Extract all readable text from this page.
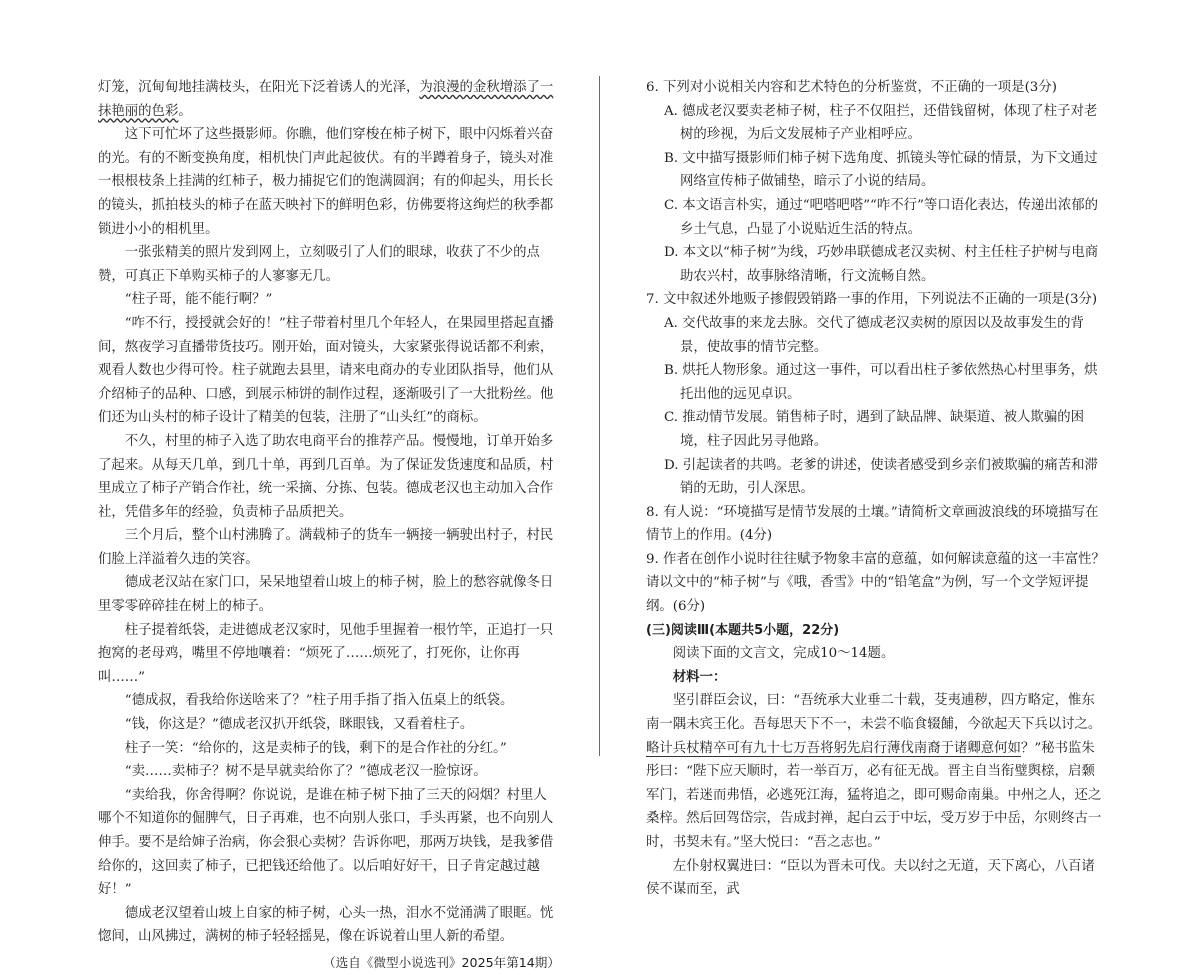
灯笼，沉甸甸地挂满枝头，在阳光下泛着诱人的光泽，为浪漫的金秋增添了一抹艳丽的色彩。

这下可忙坏了这些摄影师。你瞧，他们穿梭在柿子树下，眼中闪烁着兴奋的光。有的不断变换角度，相机快门声此起彼伏。有的半蹲着身子，镜头对准一根根枝条上挂满的红柿子，极力捕捉它们的饱满圆润；有的仰起头，用长长的镜头，抓拍枝头的柿子在蓝天映衬下的鲜明色彩，仿佛要将这绚烂的秋季都锁进小小的相机里。

一张张精美的照片发到网上，立刻吸引了人们的眼球，收获了不少的点赞，可真正下单购买柿子的人寥寥无几。

“柱子哥，能不能行啊？”

“咋不行，授授就会好的！”柱子带着村里几个年轻人，在果园里搭起直播间，熬夜学习直播带货技巧。刚开始，面对镜头，大家紧张得说话都不利索，观看人数也少得可怜。柱子就跑去县里，请来电商办的专业团队指导，他们从介绍柿子的品种、口感，到展示柿饼的制作过程，逐渐吸引了一大批粉丝。他们还为山头村的柿子设计了精美的包装，注册了“山头红”的商标。

不久，村里的柿子入选了助农电商平台的推荐产品。慢慢地，订单开始多了起来。从每天几单，到几十单，再到几百单。为了保证发货速度和品质，村里成立了柿子产销合作社，统一采摘、分拣、包装。德成老汉也主动加入合作社，凭借多年的经验，负责柿子品质把关。

三个月后，整个山村沸腾了。满载柿子的货车一辆接一辆驶出村子，村民们脸上洋溢着久违的笑容。

德成老汉站在家门口，呆呆地望着山坡上的柿子树，脸上的愁容就像冬日里零零碎碎挂在树上的柿子。

柱子提着纸袋，走进德成老汉家时，见他手里握着一根竹竿，正追打一只抱窝的老母鸡，嘴里不停地嚷着：“烦死了……烦死了，打死你，让你再叫……”

“德成叔，看我给你送啥来了？”柱子用手指了指入伍桌上的纸袋。

“钱，你这是？”德成老汉扒开纸袋，眯眼钱，又看着柱子。

柱子一笑：“给你的，这是卖柿子的钱，剩下的是合作社的分红。”

“卖……卖柿子？树不是早就卖给你了？”德成老汉一脸惊讶。

“卖给我，你舍得啊？你说说，是谁在柿子树下抽了三天的闷烟？村里人哪个不知道你的倔脾气，日子再难，也不向别人张口，手头再紧，也不向别人伸手。要不是给婶子治病，你会狠心卖树？告诉你吧，那两万块钱，是我爹借给你的，这回卖了柿子，已把钱还给他了。以后咱好好干，日子肯定越过越好！”

德成老汉望着山坡上自家的柿子树，心头一热，泪水不觉涌满了眼眶。恍惚间，山风拂过，满树的柿子轻轻摇晃，像在诉说着山里人新的希望。

（选自《微型小说选刊》2025年第14期）

6. 下列对小说相关内容和艺术特色的分析鉴赏，不正确的一项是(3分)

A. 德成老汉要卖老柿子树，柱子不仅阻拦，还借钱留树，体现了柱子对老树的珍视，为后文发展柿子产业相呼应。

B. 文中描写摄影师们柿子树下选角度、抓镜头等忙碌的情景，为下文通过网络宣传柿子做铺垫，暗示了小说的结局。

C. 本文语言朴实，通过“吧嗒吧嗒”“咋不行”等口语化表达，传递出浓郁的乡土气息，凸显了小说贴近生活的特点。

D. 本文以“柿子树”为线，巧妙串联德成老汉卖树、村主任柱子护树与电商助农兴村，故事脉络清晰，行文流畅自然。

7. 文中叙述外地贩子掺假毁销路一事的作用，下列说法不正确的一项是(3分)

A. 交代故事的来龙去脉。交代了德成老汉卖树的原因以及故事发生的背景，使故事的情节完整。

B. 烘托人物形象。通过这一事件，可以看出柱子爹依然热心村里事务，烘托出他的远见卓识。

C. 推动情节发展。销售柿子时，遇到了缺品牌、缺渠道、被人欺骗的困境，柱子因此另寻他路。

D. 引起读者的共鸣。老爹的讲述，使读者感受到乡亲们被欺骗的痛苦和滞销的无助，引人深思。

8. 有人说：“环境描写是情节发展的土壤。”请简析文章画波浪线的环境描写在情节上的作用。(4分)

9. 作者在创作小说时往往赋予物象丰富的意蕴，如何解读意蕴的这一丰富性？请以文中的“柿子树”与《哦，香雪》中的“铅笔盒”为例，写一个文学短评提纲。(6分)

(三)阅读Ⅲ(本题共5小题，22分)

阅读下面的文言文，完成10～14题。

材料一：

坚引群臣会议，曰：“吾统承大业垂二十载，芟夷逋秽，四方略定，惟东南一隅未宾王化。吾每思天下不一，未尝不临食辍餔，今欲起天下兵以讨之。略计兵杖精卒可有九十七万吾将躬先启行薄伐南裔于诸卿意何如？”秘书监朱彤曰：“陛下应天顺时，若一举百万，必有征无战。晋主自当衔璧舆榇，启颡军门，若迷而弗悟，必逃死江海，猛将追之，即可赐命南巢。中州之人，还之桑梓。然后回驾岱宗，告成封禅，起白云于中坛，受万岁于中岳，尔则终古一时，书契未有。”坚大悦曰：“吾之志也。”

左仆射权翼进曰：“臣以为晋未可伐。夫以纣之无道，天下离心，八百诸侯不谋而至，武
